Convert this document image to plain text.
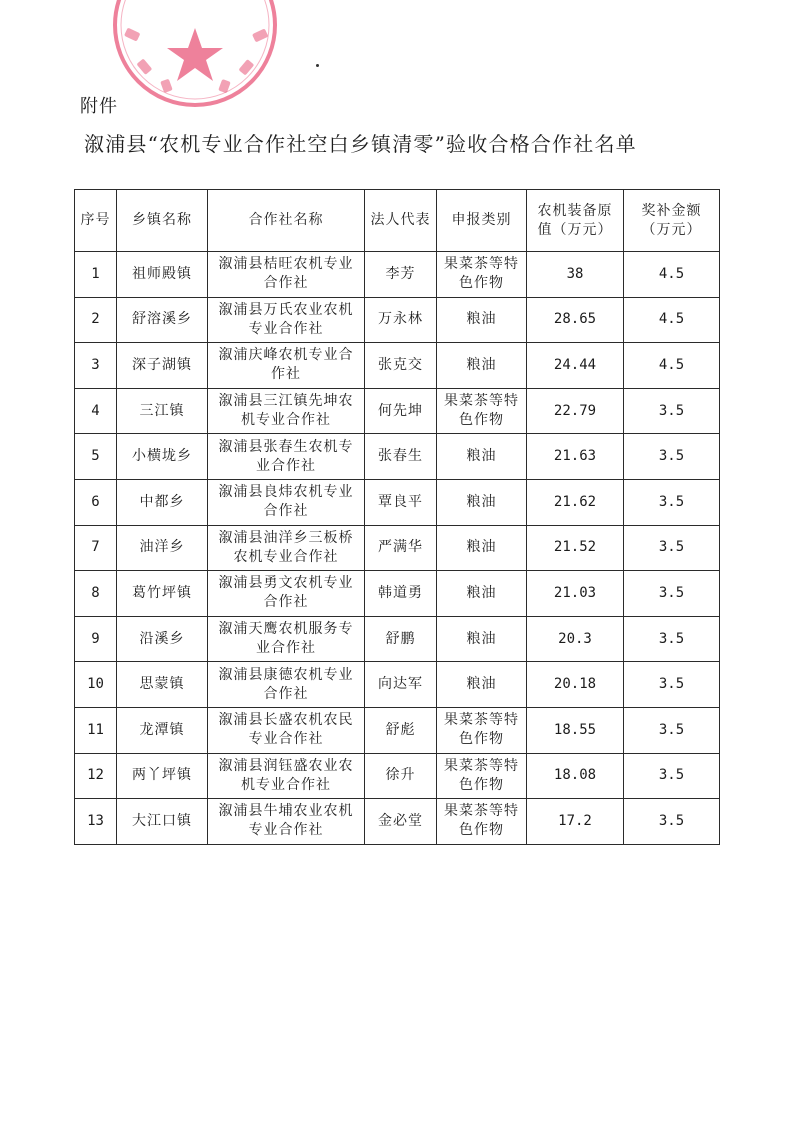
附件
溆浦县“农机专业合作社空白乡镇清零”验收合格合作社名单
序号	乡镇名称	合作社名称	法人代表	申报类别	农机装备原值（万元）	奖补金额（万元）
1	祖师殿镇	溆浦县桔旺农机专业合作社	李芳	果菜茶等特色作物	38	4.5
2	舒溶溪乡	溆浦县万氏农业农机专业合作社	万永林	粮油	28.65	4.5
3	深子湖镇	溆浦庆峰农机专业合作社	张克交	粮油	24.44	4.5
4	三江镇	溆浦县三江镇先坤农机专业合作社	何先坤	果菜茶等特色作物	22.79	3.5
5	小横垅乡	溆浦县张春生农机专业合作社	张春生	粮油	21.63	3.5
6	中都乡	溆浦县良炜农机专业合作社	覃良平	粮油	21.62	3.5
7	油洋乡	溆浦县油洋乡三板桥农机专业合作社	严满华	粮油	21.52	3.5
8	葛竹坪镇	溆浦县勇文农机专业合作社	韩道勇	粮油	21.03	3.5
9	沿溪乡	溆浦天鹰农机服务专业合作社	舒鹏	粮油	20.3	3.5
10	思蒙镇	溆浦县康德农机专业合作社	向达军	粮油	20.18	3.5
11	龙潭镇	溆浦县长盛农机农民专业合作社	舒彪	果菜茶等特色作物	18.55	3.5
12	两丫坪镇	溆浦县润钰盛农业农机专业合作社	徐升	果菜茶等特色作物	18.08	3.5
13	大江口镇	溆浦县牛埔农业农机专业合作社	金必堂	果菜茶等特色作物	17.2	3.5
